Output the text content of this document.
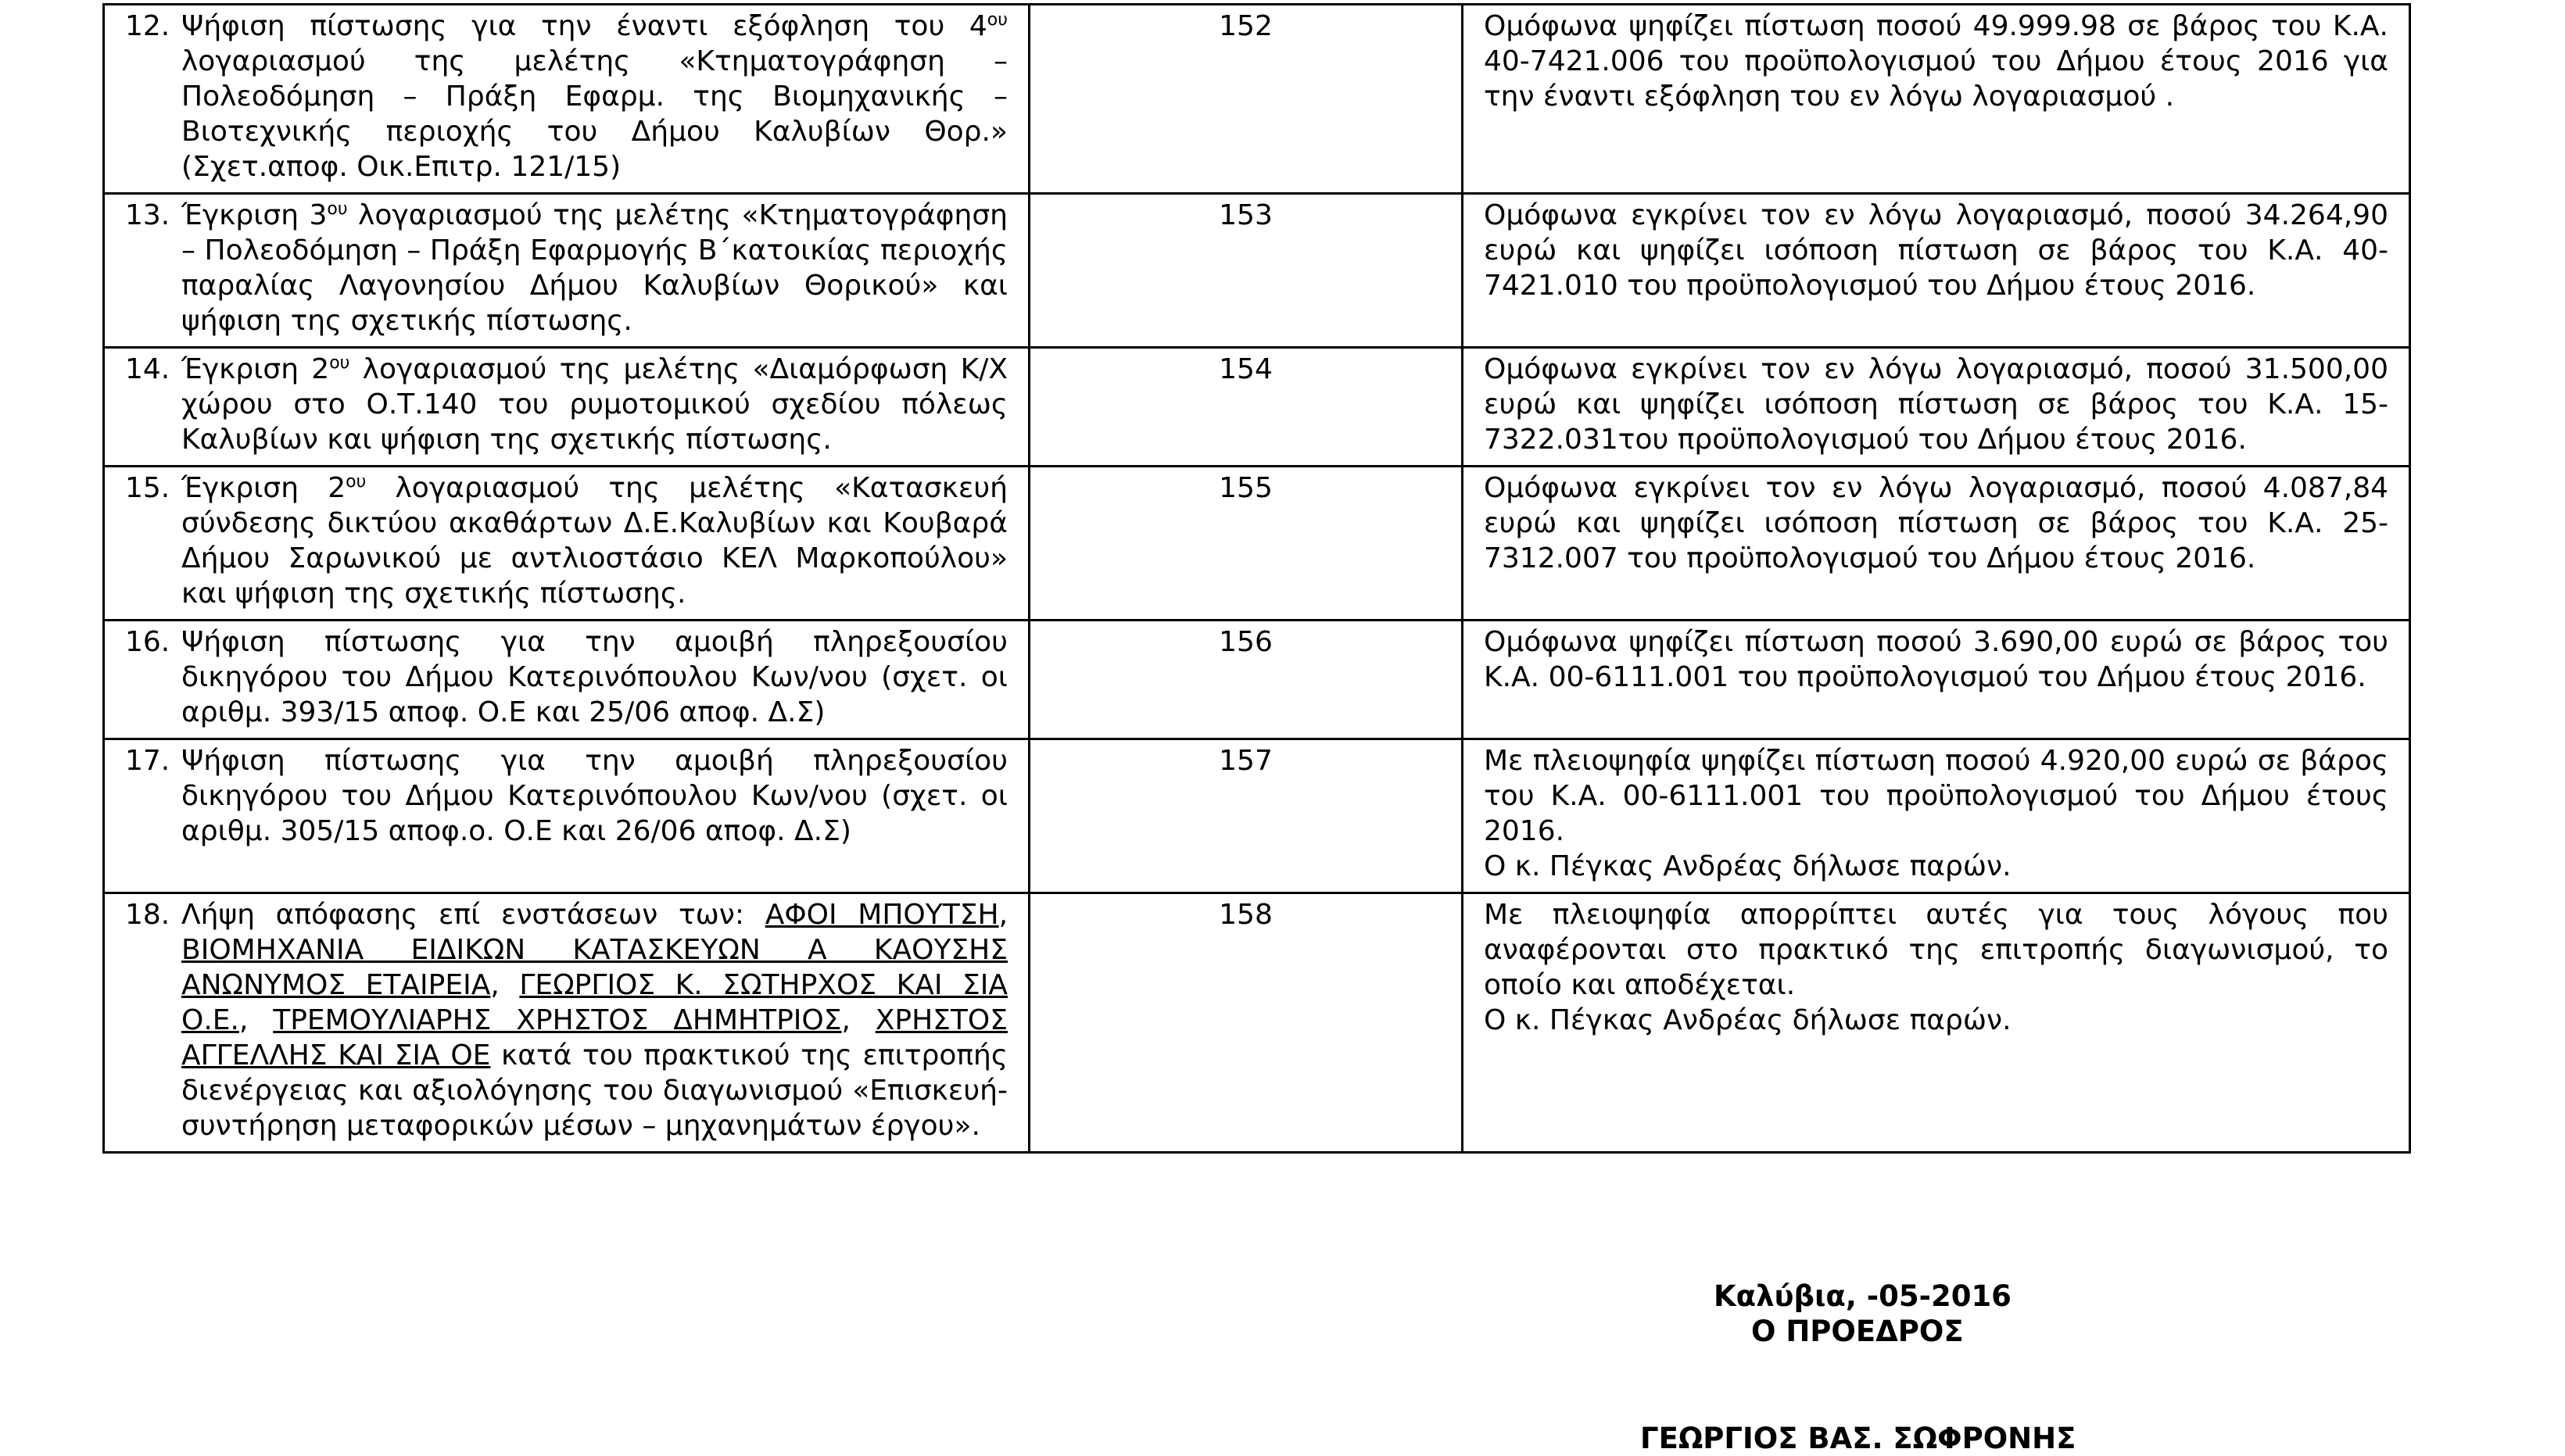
12. Ψήφιση πίστωσης για την έναντι εξόφληση του $4^{o\upsilon}$ λογαριασμού της μελέτης «Κτηματογράφηση – Πολεοδόμηση – Πράξη Εφαρμ. της Βιομηχανικής – Βιοτεχνικής περιοχής του Δήμου Καλυβίων Θορ.» (Σχετ.αποφ. Οικ.Επιτρ. 121/15)	152	Ομόφωνα ψηφίζει πίστωση ποσού 49.999.98 σε βάρος του Κ.Α. 40-7421.006 του προϋπολογισμού του Δήμου έτους 2016 για την έναντι εξόφληση του εν λόγω λογαριασμού .

13. Έγκριση $3^{o\upsilon}$ λογαριασμού της μελέτης «Κτηματογράφηση – Πολεοδόμηση – Πράξη Εφαρμογής Β΄κατοικίας περιοχής παραλίας Λαγονησίου Δήμου Καλυβίων Θορικού» και ψήφιση της σχετικής πίστωσης.	153	Ομόφωνα εγκρίνει τον εν λόγω λογαριασμό, ποσού 34.264,90 ευρώ και ψηφίζει ισόποση πίστωση σε βάρος του Κ.Α. 40-7421.010 του προϋπολογισμού του Δήμου έτους 2016.

14. Έγκριση $2^{o\upsilon}$ λογαριασμού της μελέτης «Διαμόρφωση Κ/Χ χώρου στο Ο.Τ.140 του ρυμοτομικού σχεδίου πόλεως Καλυβίων και ψήφιση της σχετικής πίστωσης.	154	Ομόφωνα εγκρίνει τον εν λόγω λογαριασμό, ποσού 31.500,00 ευρώ και ψηφίζει ισόποση πίστωση σε βάρος του Κ.Α. 15-7322.031του προϋπολογισμού του Δήμου έτους 2016.

15. Έγκριση $2^{o\upsilon}$ λογαριασμού της μελέτης «Κατασκευή σύνδεσης δικτύου ακαθάρτων Δ.Ε.Καλυβίων και Κουβαρά Δήμου Σαρωνικού με αντλιοστάσιο ΚΕΛ Μαρκοπούλου» και ψήφιση της σχετικής πίστωσης.	155	Ομόφωνα εγκρίνει τον εν λόγω λογαριασμό, ποσού 4.087,84 ευρώ και ψηφίζει ισόποση πίστωση σε βάρος του Κ.Α. 25-7312.007 του προϋπολογισμού του Δήμου έτους 2016.

16. Ψήφιση πίστωσης για την αμοιβή πληρεξουσίου δικηγόρου του Δήμου Κατερινόπουλου Κων/νου (σχετ. οι αριθμ. 393/15 αποφ. Ο.Ε και 25/06 αποφ. Δ.Σ)	156	Ομόφωνα ψηφίζει πίστωση ποσού 3.690,00 ευρώ σε βάρος του Κ.Α. 00-6111.001 του προϋπολογισμού του Δήμου έτους 2016.

17. Ψήφιση πίστωσης για την αμοιβή πληρεξουσίου δικηγόρου του Δήμου Κατερινόπουλου Κων/νου (σχετ. οι αριθμ. 305/15 αποφ.ο. Ο.Ε και 26/06 αποφ. Δ.Σ)	157	Με πλειοψηφία ψηφίζει πίστωση ποσού 4.920,00 ευρώ σε βάρος του Κ.Α. 00-6111.001 του προϋπολογισμού του Δήμου έτους 2016.
Ο κ. Πέγκας Ανδρέας δήλωσε παρών.

18. Λήψη απόφασης επί ενστάσεων των: ΑΦΟΙ ΜΠΟΥΤΣΗ, ΒΙΟΜΗΧΑΝΙΑ ΕΙΔΙΚΩΝ ΚΑΤΑΣΚΕΥΩΝ Α ΚΑΟΥΣΗΣ ΑΝΩΝΥΜΟΣ ΕΤΑΙΡΕΙΑ, ΓΕΩΡΓΙΟΣ Κ. ΣΩΤΗΡΧΟΣ ΚΑΙ ΣΙΑ Ο.Ε., ΤΡΕΜΟΥΛΙΑΡΗΣ ΧΡΗΣΤΟΣ ΔΗΜΗΤΡΙΟΣ, ΧΡΗΣΤΟΣ ΑΓΓΕΛΛΗΣ ΚΑΙ ΣΙΑ ΟΕ κατά του πρακτικού της επιτροπής διενέργειας και αξιολόγησης του διαγωνισμού «Επισκευή-συντήρηση μεταφορικών μέσων – μηχανημάτων έργου».	158	Με πλειοψηφία απορρίπτει αυτές για τους λόγους που αναφέρονται στο πρακτικό της επιτροπής διαγωνισμού, το οποίο και αποδέχεται.
Ο κ. Πέγκας Ανδρέας δήλωσε παρών.
Καλύβια, -05-2016
Ο ΠΡΟΕΔΡΟΣ
ΓΕΩΡΓΙΟΣ ΒΑΣ. ΣΩΦΡΟΝΗΣ
